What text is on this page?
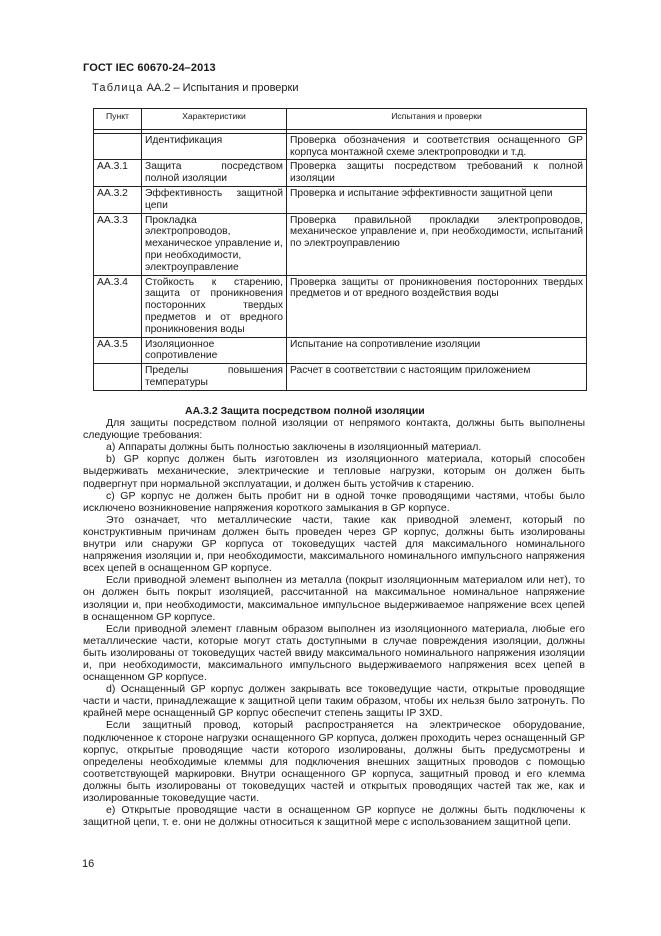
ГОСТ IEC 60670-24–2013
Таблица АА.2 – Испытания и проверки
Пункт	Характеристики	Испытания и проверки

	Идентификация	Проверка обозначения и соответствия оснащенного GP корпуса монтажной схеме электропроводки и т.д.
АА.3.1	Защита посредством полной изоляции	Проверка защиты посредством требований к полной изоляции
АА.3.2	Эффективность защитной цепи	Проверка и испытание эффективности защитной цепи
АА.3.3	Прокладка электропроводов, механическое управление и, при необходимости, электроуправление	Проверка правильной прокладки электропроводов, механическое управление и, при необходимости, испытаний по электроуправлению
АА.3.4	Стойкость к старению, защита от проникновения посторонних твердых предметов и от вредного проникновения воды	Проверка защиты от проникновения посторонних твердых предметов и от вредного воздействия воды
АА.3.5	Изоляционное сопротивление	Испытание на сопротивление изоляции
	Пределы повышения температуры	Расчет в соответствии с настоящим приложением

АА.3.2 Защита посредством полной изоляции

Для защиты посредством полной изоляции от непрямого контакта, должны быть выполнены следующие требования:

а) Аппараты должны быть полностью заключены в изоляционный материал.

b) GP корпус должен быть изготовлен из изоляционного материала, который способен выдерживать механические, электрические и тепловые нагрузки, которым он должен быть подвергнут при нормальной эксплуатации, и должен быть устойчив к старению.

с) GP корпус не должен быть пробит ни в одной точке проводящими частями, чтобы было исключено возникновение напряжения короткого замыкания в GP корпусе.

Это означает, что металлические части, такие как приводной элемент, который по конструктивным причинам должен быть проведен через GP корпус, должны быть изолированы внутри или снаружи GP корпуса от токоведущих частей для максимального номинального напряжения изоляции и, при необходимости, максимального номинального импульсного напряжения всех цепей в оснащенном GP корпусе.

Если приводной элемент выполнен из металла (покрыт изоляционным материалом или нет), то он должен быть покрыт изоляцией, рассчитанной на максимальное номинальное напряжение изоляции и, при необходимости, максимальное импульсное выдерживаемое напряжение всех цепей в оснащенном GP корпусе.

Если приводной элемент главным образом выполнен из изоляционного материала, любые его металлические части, которые могут стать доступными в случае повреждения изоляции, должны быть изолированы от токоведущих частей ввиду максимального номинального напряжения изоляции и, при необходимости, максимального импульсного выдерживаемого напряжения всех цепей в оснащенном GP корпусе.

d) Оснащенный GP корпус должен закрывать все токоведущие части, открытые проводящие части и части, принадлежащие к защитной цепи таким образом, чтобы их нельзя было затронуть. По крайней мере оснащенный GP корпус обеспечит степень защиты IP 3XD.

Если защитный провод, который распространяется на электрическое оборудование, подключенное к стороне нагрузки оснащенного GP корпуса, должен проходить через оснащенный GP корпус, открытые проводящие части которого изолированы, должны быть предусмотрены и определены необходимые клеммы для подключения внешних защитных проводов с помощью соответствующей маркировки. Внутри оснащенного GP корпуса, защитный провод и его клемма должны быть изолированы от токоведущих частей и открытых проводящих частей так же, как и изолированные токоведущие части.

е) Открытые проводящие части в оснащенном GP корпусе не должны быть подключены к защитной цепи, т. е. они не должны относиться к защитной мере с использованием защитной цепи.

16
